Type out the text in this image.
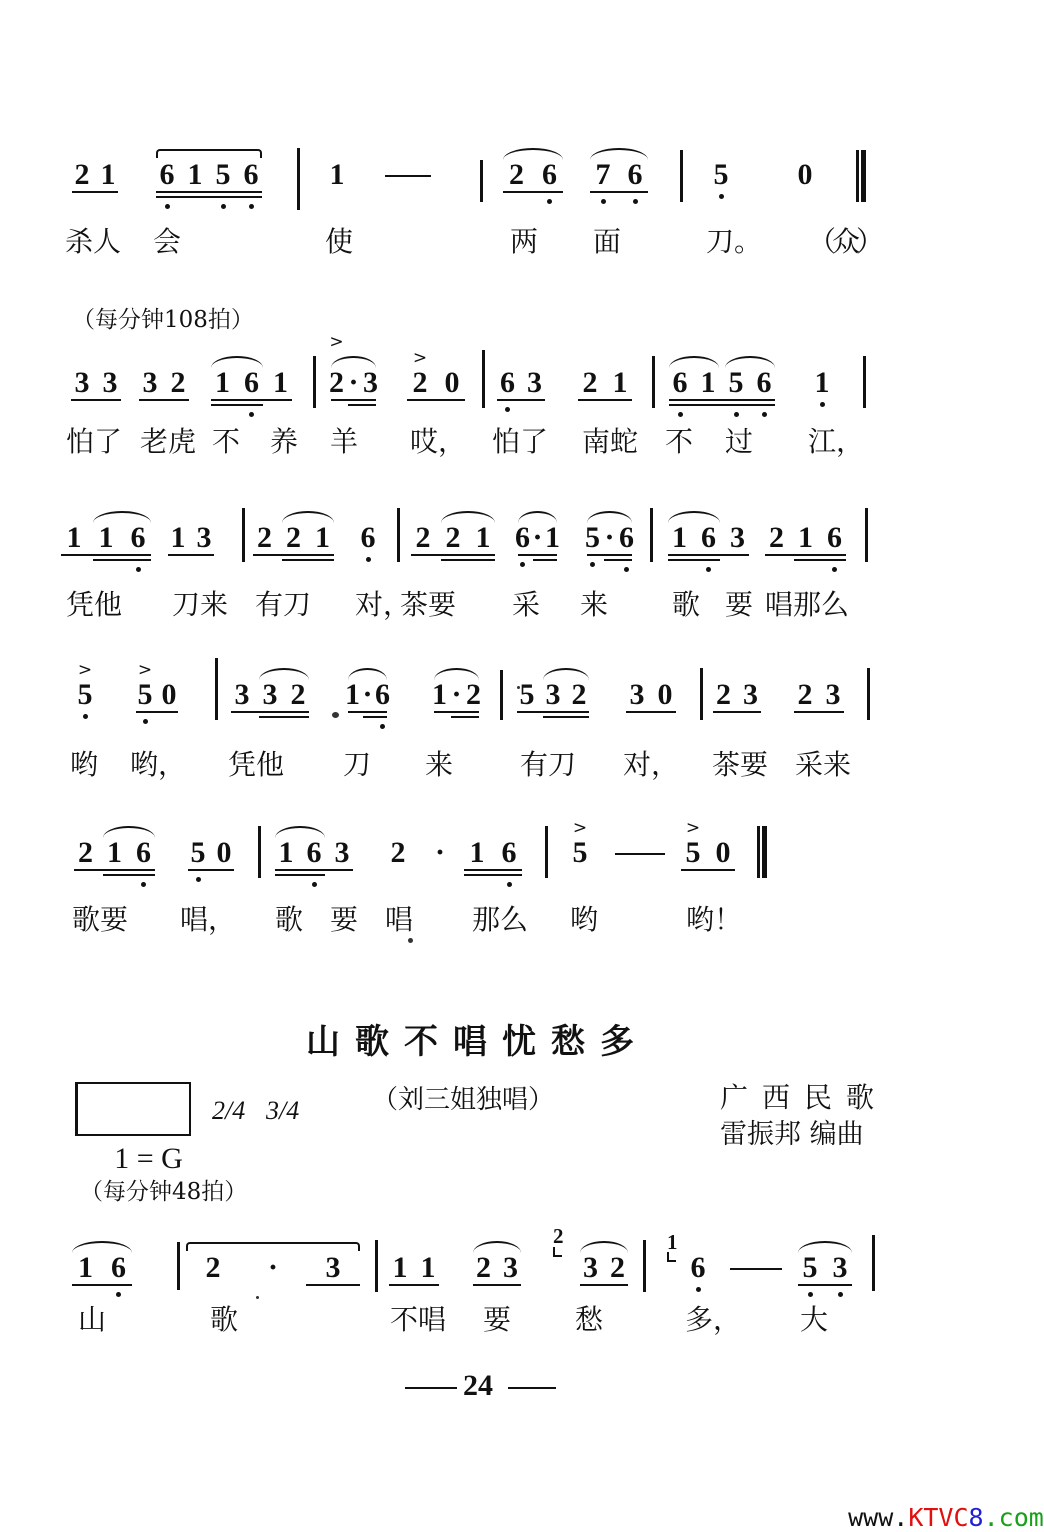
2 1 6 1 5 6 1	2 6	7 6 5 0
杀人 会	使	两 面	刀。 （众）
（每分钟108拍）
3 3 3 2 1 6 1 2 · 3
>
2 0
>
6 3 2 1 6 1 5 6 1
怕了 老虎 不 养 羊 哎， 怕了 南蛇 不 过 江，
1 1 6 1 3 2 2 1 6 2 2 1 6 · 1 5 · 6 1 6 3 2 1 6
凭他 刀来 有刀 对，
茶要 采 来 歌 要 唱那么
5
>
5 0
>
3 3 2 1 · 6 1 · 2 5 3 2 3 0 2 3 2 3
哟 哟， 凭他 刀 来 有刀 对， 茶要 采来
2 1 6 5 0 1 6 3 2 · 1 6 5
>
5 0
>
歌要 唱， 歌 要 唱 那么 哟	哟！
山歌不唱忧愁多

1 = G

2/4 3/4	（刘三姐独唱）	广西民歌
雷振邦 编曲
（每分钟48拍）
1 6	2	·	3	1 1 2 3
2
3 2
1
6	5 3
山	歌	不唱 要 愁	多， 大
24

www.KTVC8.com
